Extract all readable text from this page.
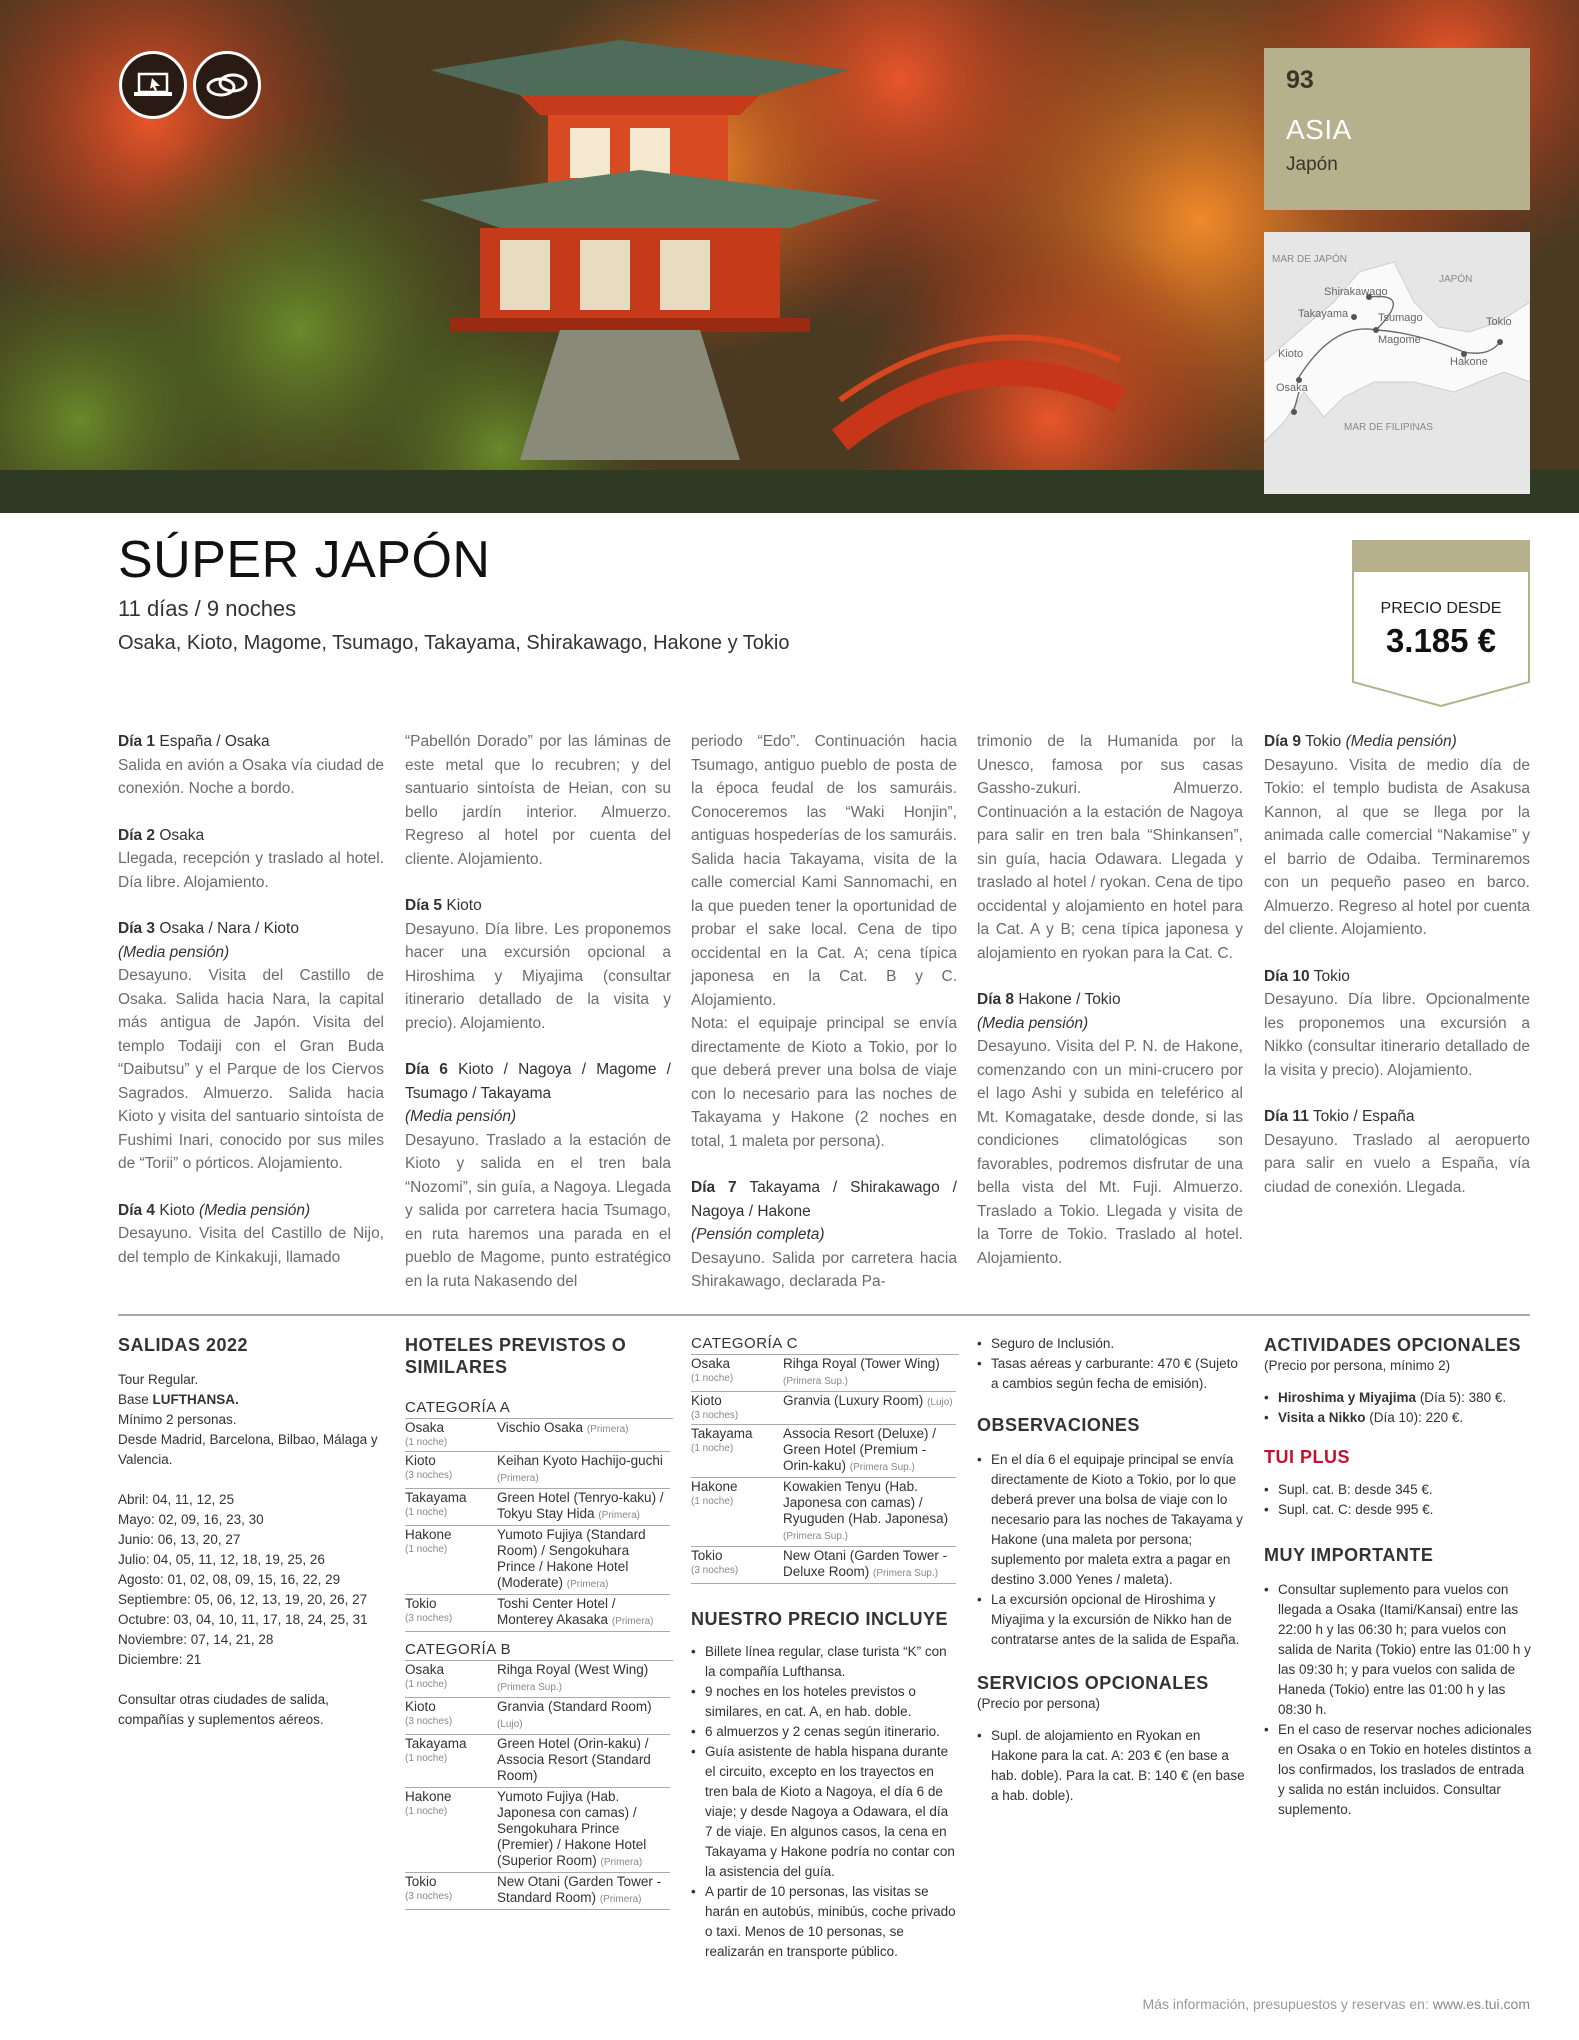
93
ASIA
Japón
MAR DE JAPÓN
JAPÓN
MAR DE FILIPINAS
Shirakawago
Takayama	Tsumago
Magome
Tokio
Hakone
Kioto
Osaka
SÚPER JAPÓN
11 días / 9 noches
Osaka, Kioto, Magome, Tsumago, Takayama, Shirakawago, Hakone y Tokio
PRECIO DESDE
3.185 €

Día 1 España / Osaka
Salida en avión a Osaka vía ciudad de conexión. Noche a bordo.

Día 2 Osaka
Llegada, recepción y traslado al hotel. Día libre. Alojamiento.

Día 3 Osaka / Nara / Kioto
(Media pensión)
Desayuno. Visita del Castillo de Osaka. Salida hacia Nara, la capital más antigua de Japón. Visita del templo Todaiji con el Gran Buda “Daibutsu” y el Parque de los Ciervos Sagrados. Almuerzo. Salida hacia Kioto y visita del santuario sintoísta de Fushimi Inari, conocido por sus miles de “Torii” o pórticos. Alojamiento.

Día 4 Kioto (Media pensión)
Desayuno. Visita del Castillo de Nijo, del templo de Kinkakuji, llamado

“Pabellón Dorado” por las láminas de este metal que lo recubren; y del santuario sintoísta de Heian, con su bello jardín interior. Almuerzo. Regreso al hotel por cuenta del cliente. Alojamiento.

Día 5 Kioto
Desayuno. Día libre. Les proponemos hacer una excursión opcional a Hiroshima y Miyajima (consultar itinerario detallado de la visita y precio). Alojamiento.

Día 6 Kioto / Nagoya / Magome / Tsumago / Takayama
(Media pensión)
Desayuno. Traslado a la estación de Kioto y salida en el tren bala “Nozomi”, sin guía, a Nagoya. Llegada y salida por carretera hacia Tsumago, en ruta haremos una parada en el pueblo de Magome, punto estratégico en la ruta Nakasendo del

periodo “Edo”. Continuación hacia Tsumago, antiguo pueblo de posta de la época feudal de los samuráis. Conoceremos las “Waki Honjin”, antiguas hospederías de los samuráis. Salida hacia Takayama, visita de la calle comercial Kami Sannomachi, en la que pueden tener la oportunidad de probar el sake local. Cena de tipo occidental en la Cat. A; cena típica japonesa en la Cat. B y C. Alojamiento.

Nota: el equipaje principal se envía directamente de Kioto a Tokio, por lo que deberá prever una bolsa de viaje con lo necesario para las noches de Takayama y Hakone (2 noches en total, 1 maleta por persona).

Día 7 Takayama / Shirakawago / Nagoya / Hakone
(Pensión completa)
Desayuno. Salida por carretera hacia Shirakawago, declarada Pa-

trimonio de la Humanida por la Unesco, famosa por sus casas Gassho-zukuri. Almuerzo. Continuación a la estación de Nagoya para salir en tren bala “Shinkansen”, sin guía, hacia Odawara. Llegada y traslado al hotel / ryokan. Cena de tipo occidental y alojamiento en hotel para la Cat. A y B; cena típica japonesa y alojamiento en ryokan para la Cat. C.

Día 8 Hakone / Tokio
(Media pensión)
Desayuno. Visita del P. N. de Hakone, comenzando con un mini-crucero por el lago Ashi y subida en teleférico al Mt. Komagatake, desde donde, si las condiciones climatológicas son favorables, podremos disfrutar de una bella vista del Mt. Fuji. Almuerzo. Traslado a Tokio. Llegada y visita de la Torre de Tokio. Traslado al hotel. Alojamiento.

Día 9 Tokio (Media pensión)
Desayuno. Visita de medio día de Tokio: el templo budista de Asakusa Kannon, al que se llega por la animada calle comercial “Nakamise” y el barrio de Odaiba. Terminaremos con un pequeño paseo en barco. Almuerzo. Regreso al hotel por cuenta del cliente. Alojamiento.

Día 10 Tokio
Desayuno. Día libre. Opcionalmente les proponemos una excursión a Nikko (consultar itinerario detallado de la visita y precio). Alojamiento.

Día 11 Tokio / España
Desayuno. Traslado al aeropuerto para salir en vuelo a España, vía ciudad de conexión. Llegada.

SALIDAS 2022
Tour Regular.
Base LUFTHANSA.
Mínimo 2 personas.
Desde Madrid, Barcelona, Bilbao, Málaga y Valencia.
Abril: 04, 11, 12, 25
Mayo: 02, 09, 16, 23, 30
Junio: 06, 13, 20, 27
Julio: 04, 05, 11, 12, 18, 19, 25, 26
Agosto: 01, 02, 08, 09, 15, 16, 22, 29
Septiembre: 05, 06, 12, 13, 19, 20, 26, 27
Octubre: 03, 04, 10, 11, 17, 18, 24, 25, 31
Noviembre: 07, 14, 21, 28
Diciembre: 21
Consultar otras ciudades de salida, compañías y suplementos aéreos.
HOTELES PREVISTOS O SIMILARES
CATEGORÍA A
Osaka
(1 noche)	Vischio Osaka (Primera)

Kioto
(3 noches)	Keihan Kyoto Hachijo-guchi (Primera)

Takayama
(1 noche)	Green Hotel (Tenryo-kaku) / Tokyu Stay Hida (Primera)

Hakone
(1 noche)	Yumoto Fujiya (Standard Room) / Sengokuhara Prince / Hakone Hotel (Moderate) (Primera)

Tokio
(3 noches)	Toshi Center Hotel / Monterey Akasaka (Primera)
CATEGORÍA B
Osaka
(1 noche)	Rihga Royal (West Wing) (Primera Sup.)

Kioto
(3 noches)	Granvia (Standard Room) (Lujo)

Takayama
(1 noche)	Green Hotel (Orin-kaku) / Associa Resort (Standard Room)

Hakone
(1 noche)	Yumoto Fujiya (Hab. Japonesa con camas) / Sengokuhara Prince (Premier) / Hakone Hotel (Superior Room) (Primera)

Tokio
(3 noches)	New Otani (Garden Tower - Standard Room) (Primera)
CATEGORÍA C
Osaka
(1 noche)	Rihga Royal (Tower Wing) (Primera Sup.)

Kioto
(3 noches)	Granvia (Luxury Room) (Lujo)

Takayama
(1 noche)	Associa Resort (Deluxe) / Green Hotel (Premium - Orin-kaku) (Primera Sup.)

Hakone
(1 noche)	Kowakien Tenyu (Hab. Japonesa con camas) / Ryuguden (Hab. Japonesa) (Primera Sup.)

Tokio
(3 noches)	New Otani (Garden Tower - Deluxe Room) (Primera Sup.)
NUESTRO PRECIO INCLUYE
• Billete línea regular, clase turista “K” con la compañía Lufthansa.
• 9 noches en los hoteles previstos o similares, en cat. A, en hab. doble.
• 6 almuerzos y 2 cenas según itinerario.
• Guía asistente de habla hispana durante el circuito, excepto en los trayectos en tren bala de Kioto a Nagoya, el día 6 de viaje; y desde Nagoya a Odawara, el día 7 de viaje. En algunos casos, la cena en Takayama y Hakone podría no contar con la asistencia del guía.
• A partir de 10 personas, las visitas se harán en autobús, minibús, coche privado o taxi. Menos de 10 personas, se realizarán en transporte público.
• Seguro de Inclusión.
• Tasas aéreas y carburante: 470 € (Sujeto a cambios según fecha de emisión).
OBSERVACIONES
• En el día 6 el equipaje principal se envía directamente de Kioto a Tokio, por lo que deberá prever una bolsa de viaje con lo necesario para las noches de Takayama y Hakone (una maleta por persona; suplemento por maleta extra a pagar en destino 3.000 Yenes / maleta).
• La excursión opcional de Hiroshima y Miyajima y la excursión de Nikko han de contratarse antes de la salida de España.
SERVICIOS OPCIONALES
(Precio por persona)
• Supl. de alojamiento en Ryokan en Hakone para la cat. A: 203 € (en base a hab. doble). Para la cat. B: 140 € (en base a hab. doble).
ACTIVIDADES OPCIONALES
(Precio por persona, mínimo 2)
• Hiroshima y Miyajima (Día 5): 380 €.
• Visita a Nikko (Día 10): 220 €.
TUI PLUS
• Supl. cat. B: desde 345 €.
• Supl. cat. C: desde 995 €.
MUY IMPORTANTE
• Consultar suplemento para vuelos con llegada a Osaka (Itami/Kansai) entre las 22:00 h y las 06:30 h; para vuelos con salida de Narita (Tokio) entre las 01:00 h y las 09:30 h; y para vuelos con salida de Haneda (Tokio) entre las 01:00 h y las 08:30 h.
• En el caso de reservar noches adicionales en Osaka o en Tokio en hoteles distintos a los confirmados, los traslados de entrada y salida no están incluidos. Consultar suplemento.
Más información, presupuestos y reservas en: www.es.tui.com
